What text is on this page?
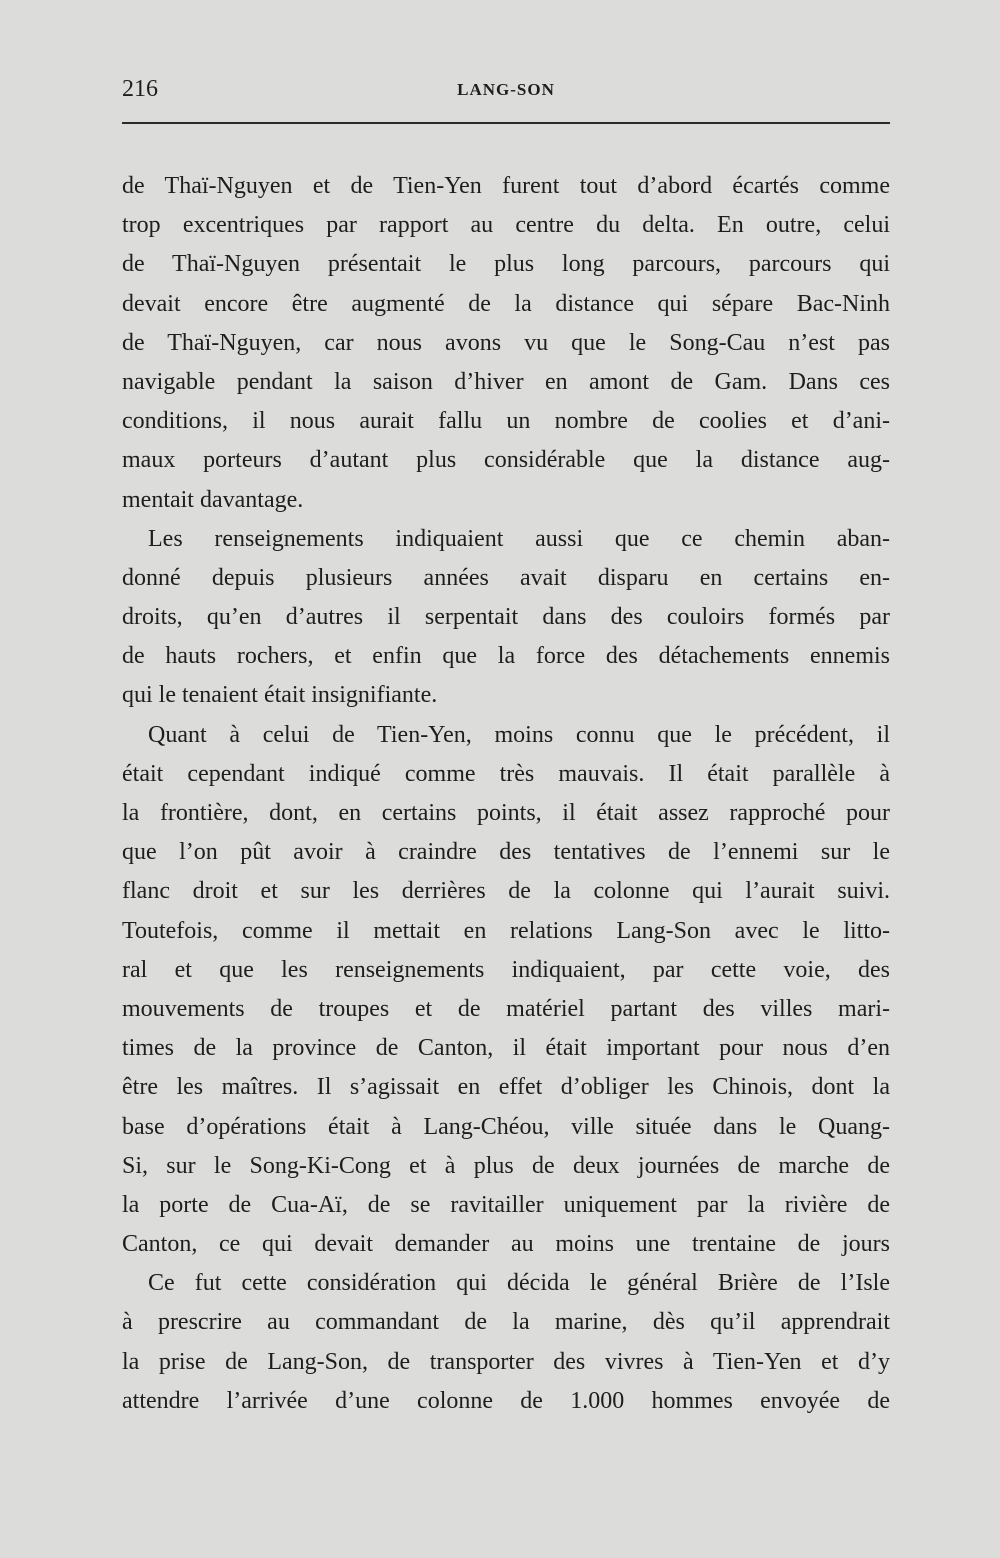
216	LANG-SON
de Thaï-Nguyen et de Tien-Yen furent tout d’abord écartés comme
trop excentriques par rapport au centre du delta. En outre, celui
de Thaï-Nguyen présentait le plus long parcours, parcours qui
devait encore être augmenté de la distance qui sépare Bac-Ninh
de Thaï-Nguyen, car nous avons vu que le Song-Cau n’est pas
navigable pendant la saison d’hiver en amont de Gam. Dans ces
conditions, il nous aurait fallu un nombre de coolies et d’ani-
maux porteurs d’autant plus considérable que la distance aug-
mentait davantage.
Les renseignements indiquaient aussi que ce chemin aban-
donné depuis plusieurs années avait disparu en certains en-
droits, qu’en d’autres il serpentait dans des couloirs formés par
de hauts rochers, et enfin que la force des détachements ennemis
qui le tenaient était insignifiante.
Quant à celui de Tien-Yen, moins connu que le précédent, il
était cependant indiqué comme très mauvais. Il était parallèle à
la frontière, dont, en certains points, il était assez rapproché pour
que l’on pût avoir à craindre des tentatives de l’ennemi sur le
flanc droit et sur les derrières de la colonne qui l’aurait suivi.
Toutefois, comme il mettait en relations Lang-Son avec le litto-
ral et que les renseignements indiquaient, par cette voie, des
mouvements de troupes et de matériel partant des villes mari-
times de la province de Canton, il était important pour nous d’en
être les maîtres. Il s’agissait en effet d’obliger les Chinois, dont la
base d’opérations était à Lang-Chéou, ville située dans le Quang-
Si, sur le Song-Ki-Cong et à plus de deux journées de marche de
la porte de Cua-Aï, de se ravitailler uniquement par la rivière de
Canton, ce qui devait demander au moins une trentaine de jours
Ce fut cette considération qui décida le général Brière de l’Isle
à prescrire au commandant de la marine, dès qu’il apprendrait
la prise de Lang-Son, de transporter des vivres à Tien-Yen et d’y
attendre l’arrivée d’une colonne de 1.000 hommes envoyée de
